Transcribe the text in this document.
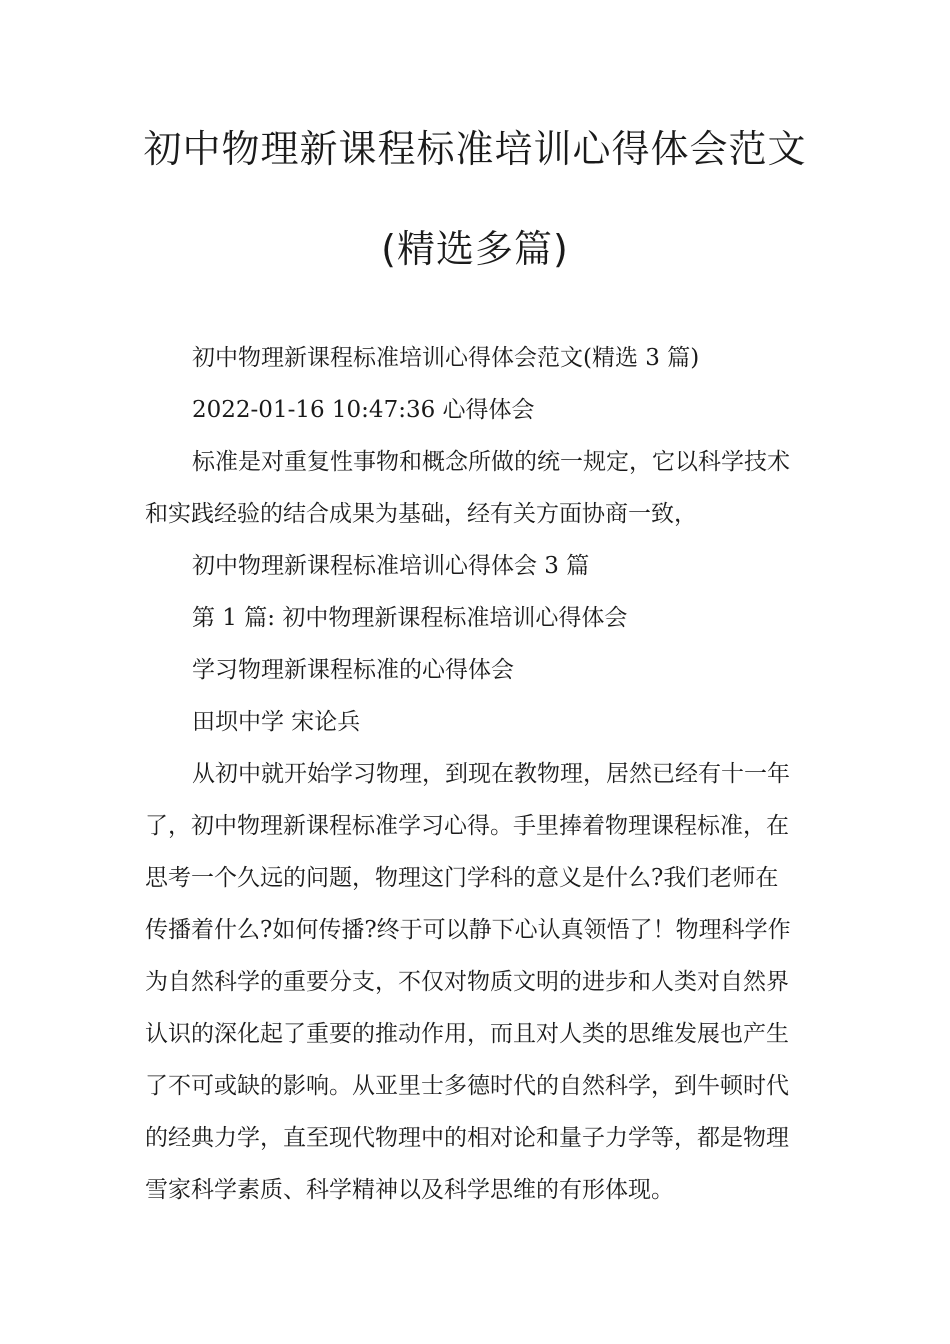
初中物理新课程标准培训心得体会范文
(精选多篇)

初中物理新课程标准培训心得体会范文(精选 3 篇)

2022-01-16 10:47:36 心得体会

标准是对重复性事物和概念所做的统一规定，它以科学技术
和实践经验的结合成果为基础，经有关方面协商一致，

初中物理新课程标准培训心得体会 3 篇

第 1 篇: 初中物理新课程标准培训心得体会

学习物理新课程标准的心得体会

田坝中学 宋论兵

从初中就开始学习物理，到现在教物理，居然已经有十一年
了，初中物理新课程标准学习心得。手里捧着物理课程标准，在
思考一个久远的问题，物理这门学科的意义是什么?我们老师在
传播着什么?如何传播?终于可以静下心认真领悟了！物理科学作
为自然科学的重要分支，不仅对物质文明的进步和人类对自然界
认识的深化起了重要的推动作用，而且对人类的思维发展也产生
了不可或缺的影响。从亚里士多德时代的自然科学，到牛顿时代
的经典力学，直至现代物理中的相对论和量子力学等，都是物理
雪家科学素质、科学精神以及科学思维的有形体现。
